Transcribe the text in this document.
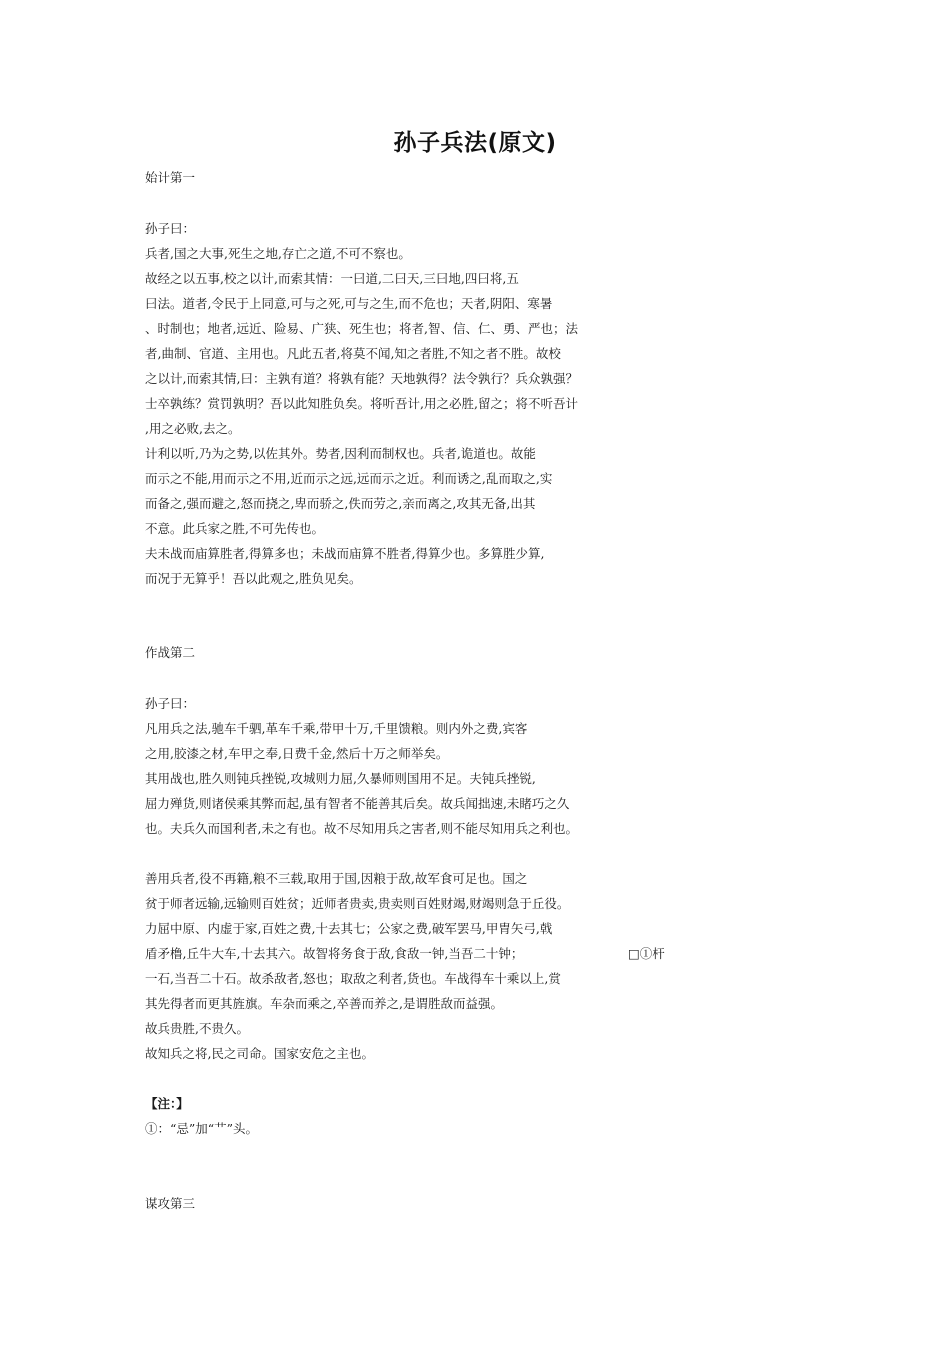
孙子兵法(原文)
始计第一
孙子曰：
兵者,国之大事,死生之地,存亡之道,不可不察也。
故经之以五事,校之以计,而索其情：一曰道,二曰天,三曰地,四曰将,五
曰法。道者,令民于上同意,可与之死,可与之生,而不危也；天者,阴阳、寒暑
、时制也；地者,远近、险易、广狭、死生也；将者,智、信、仁、勇、严也；法
者,曲制、官道、主用也。凡此五者,将莫不闻,知之者胜,不知之者不胜。故校
之以计,而索其情,曰：主孰有道？将孰有能？天地孰得？法令孰行？兵众孰强？
士卒孰练？赏罚孰明？吾以此知胜负矣。将听吾计,用之必胜,留之；将不听吾计
,用之必败,去之。
计利以听,乃为之势,以佐其外。势者,因利而制权也。兵者,诡道也。故能
而示之不能,用而示之不用,近而示之远,远而示之近。利而诱之,乱而取之,实
而备之,强而避之,怒而挠之,卑而骄之,佚而劳之,亲而离之,攻其无备,出其
不意。此兵家之胜,不可先传也。
夫未战而庙算胜者,得算多也；未战而庙算不胜者,得算少也。多算胜少算,
而况于无算乎！吾以此观之,胜负见矣。
作战第二
孙子曰：
凡用兵之法,驰车千驷,革车千乘,带甲十万,千里馈粮。则内外之费,宾客
之用,胶漆之材,车甲之奉,日费千金,然后十万之师举矣。
其用战也,胜久则钝兵挫锐,攻城则力屈,久暴师则国用不足。夫钝兵挫锐,
屈力殚货,则诸侯乘其弊而起,虽有智者不能善其后矣。故兵闻拙速,未睹巧之久
也。夫兵久而国利者,未之有也。故不尽知用兵之害者,则不能尽知用兵之利也。
善用兵者,役不再籍,粮不三载,取用于国,因粮于敌,故军食可足也。国之
贫于师者远输,远输则百姓贫；近师者贵卖,贵卖则百姓财竭,财竭则急于丘役。
力屈中原、内虚于家,百姓之费,十去其七；公家之费,破军罢马,甲胄矢弓,戟
盾矛橹,丘牛大车,十去其六。故智将务食于敌,食敌一钟,当吾二十钟；	□①杆
一石,当吾二十石。故杀敌者,怒也；取敌之利者,货也。车战得车十乘以上,赏
其先得者而更其旌旗。车杂而乘之,卒善而养之,是谓胜敌而益强。
故兵贵胜,不贵久。
故知兵之将,民之司命。国家安危之主也。
【注：】
①：“忌”加“艹”头。
谋攻第三
